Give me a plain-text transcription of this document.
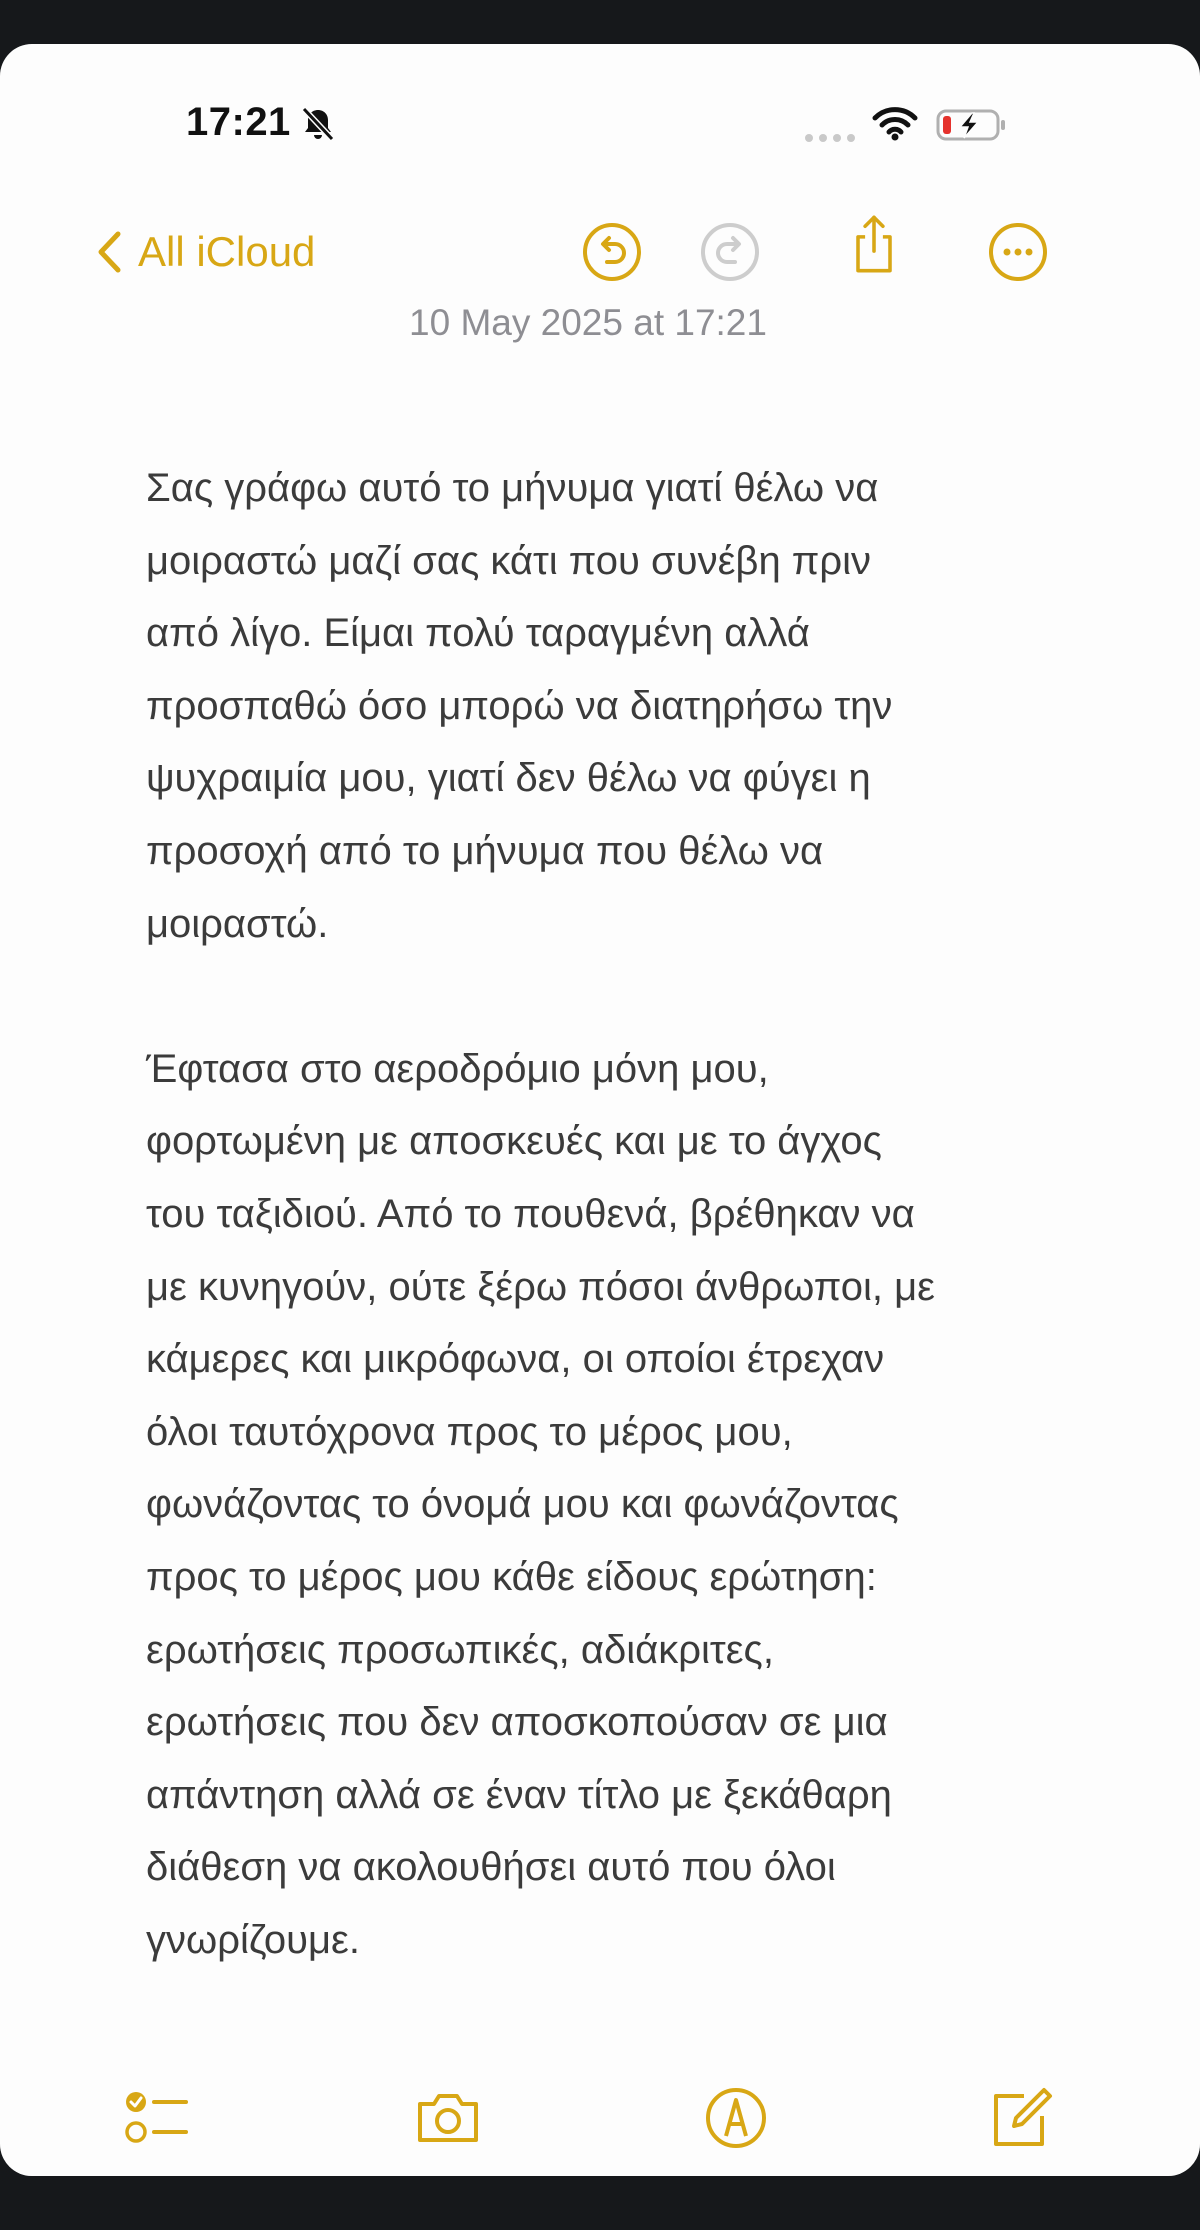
17:21
All iCloud
10 May 2025 at 17:21

Σας γράφω αυτό το μήνυμα γιατί θέλω να
μοιραστώ μαζί σας κάτι που συνέβη πριν
από λίγο. Είμαι πολύ ταραγμένη αλλά
προσπαθώ όσο μπορώ να διατηρήσω την
ψυχραιμία μου, γιατί δεν θέλω να φύγει η
προσοχή από το μήνυμα που θέλω να
μοιραστώ.

Έφτασα στο αεροδρόμιο μόνη μου,
φορτωμένη με αποσκευές και με το άγχος
του ταξιδιού. Από το πουθενά, βρέθηκαν να
με κυνηγούν, ούτε ξέρω πόσοι άνθρωποι, με
κάμερες και μικρόφωνα, οι οποίοι έτρεχαν
όλοι ταυτόχρονα προς το μέρος μου,
φωνάζοντας το όνομά μου και φωνάζοντας
προς το μέρος μου κάθε είδους ερώτηση:
ερωτήσεις προσωπικές, αδιάκριτες,
ερωτήσεις που δεν αποσκοπούσαν σε μια
απάντηση αλλά σε έναν τίτλο με ξεκάθαρη
διάθεση να ακολουθήσει αυτό που όλοι
γνωρίζουμε.
